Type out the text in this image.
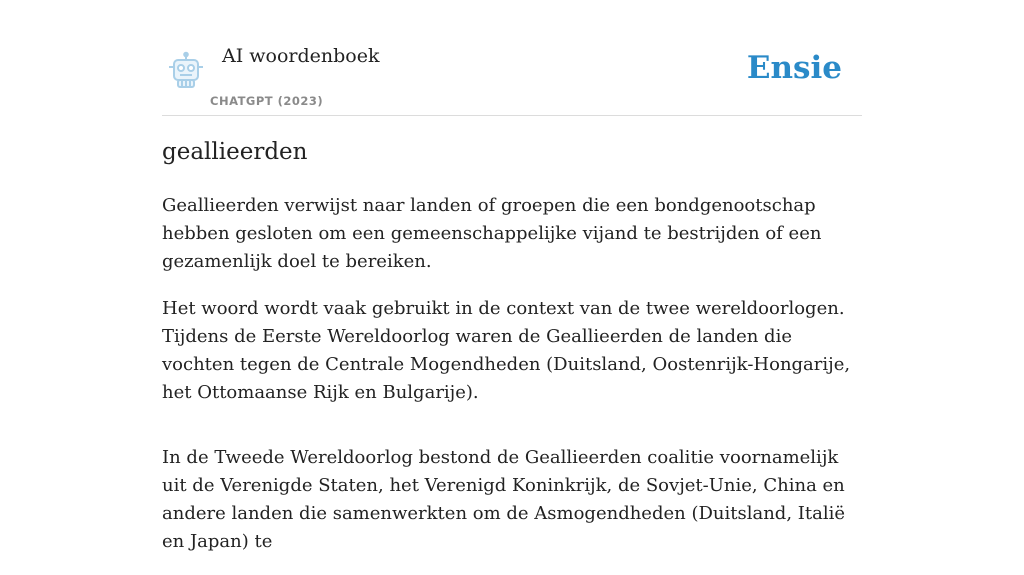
AI woordenboek
CHATGPT (2023)
Ensie
geallieerden

Geallieerden verwijst naar landen of groepen die een bondgenootschap hebben gesloten om een gemeenschappelijke vijand te bestrijden of een gezamenlijk doel te bereiken.

Het woord wordt vaak gebruikt in de context van de twee wereldoorlogen. Tijdens de Eerste Wereldoorlog waren de Geallieerden de landen die vochten tegen de Centrale Mogendheden (Duitsland, Oostenrijk-Hongarije, het Ottomaanse Rijk en Bulgarije).

In de Tweede Wereldoorlog bestond de Geallieerden coalitie voornamelijk uit de Verenigde Staten, het Verenigd Koninkrijk, de Sovjet-Unie, China en andere landen die samenwerkten om de Asmogendheden (Duitsland, Italië en Japan) te
